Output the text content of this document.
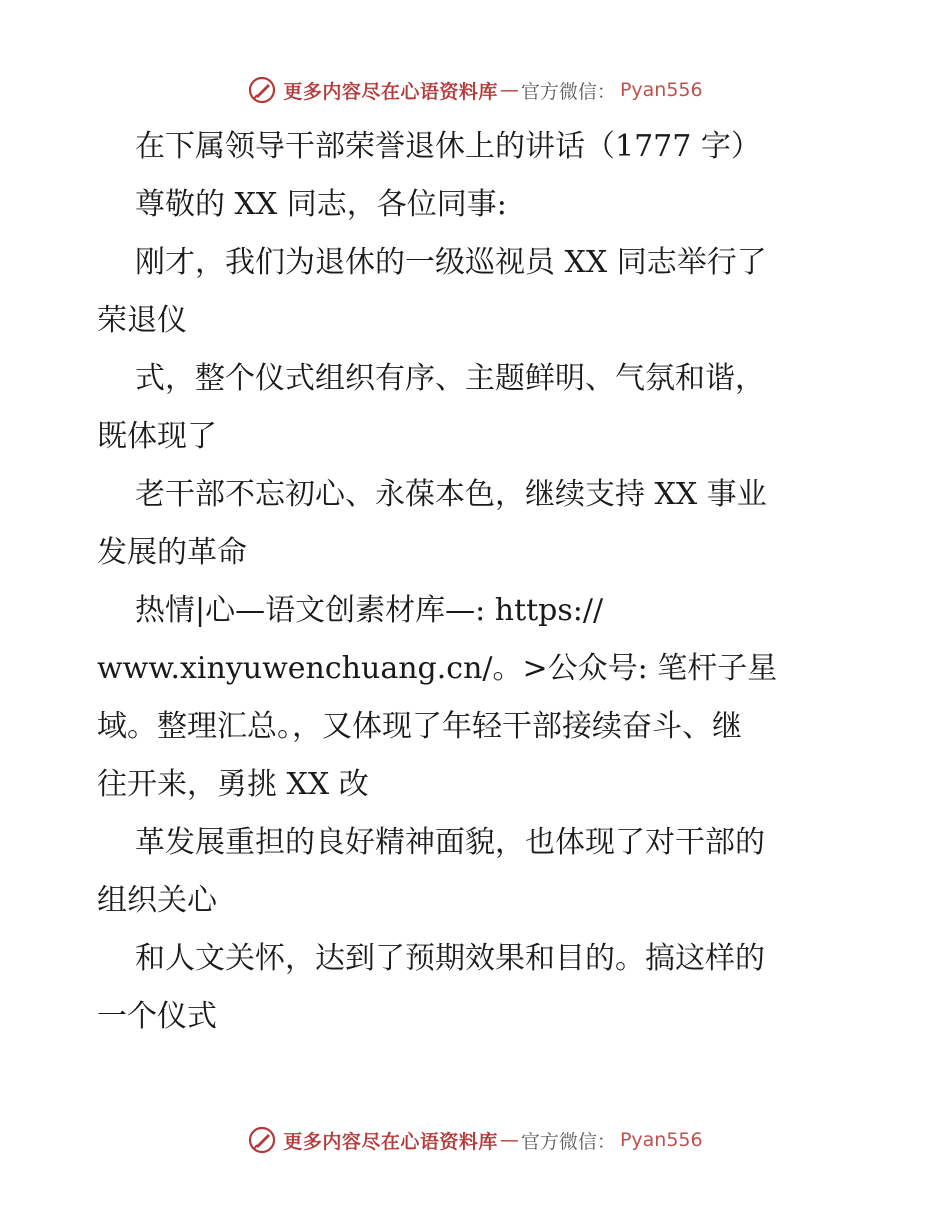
更多内容尽在心语资料库 — 官方微信： Pyan556
在下属领导干部荣誉退休上的讲话（1777 字）
尊敬的 XX 同志，各位同事:
刚才，我们为退休的一级巡视员 XX 同志举行了
荣退仪
式，整个仪式组织有序、主题鲜明、气氛和谐，
既体现了
老干部不忘初心、永葆本色，继续支持 XX 事业
发展的革命
热情|心—语文创素材库—: https://
www.xinyuwenchuang.cn/。>公众号: 笔杆子星
域。整理汇总。，又体现了年轻干部接续奋斗、继
往开来，勇挑 XX 改
革发展重担的良好精神面貌，也体现了对干部的
组织关心
和人文关怀，达到了预期效果和目的。搞这样的
一个仪式
更多内容尽在心语资料库 — 官方微信： Pyan556
